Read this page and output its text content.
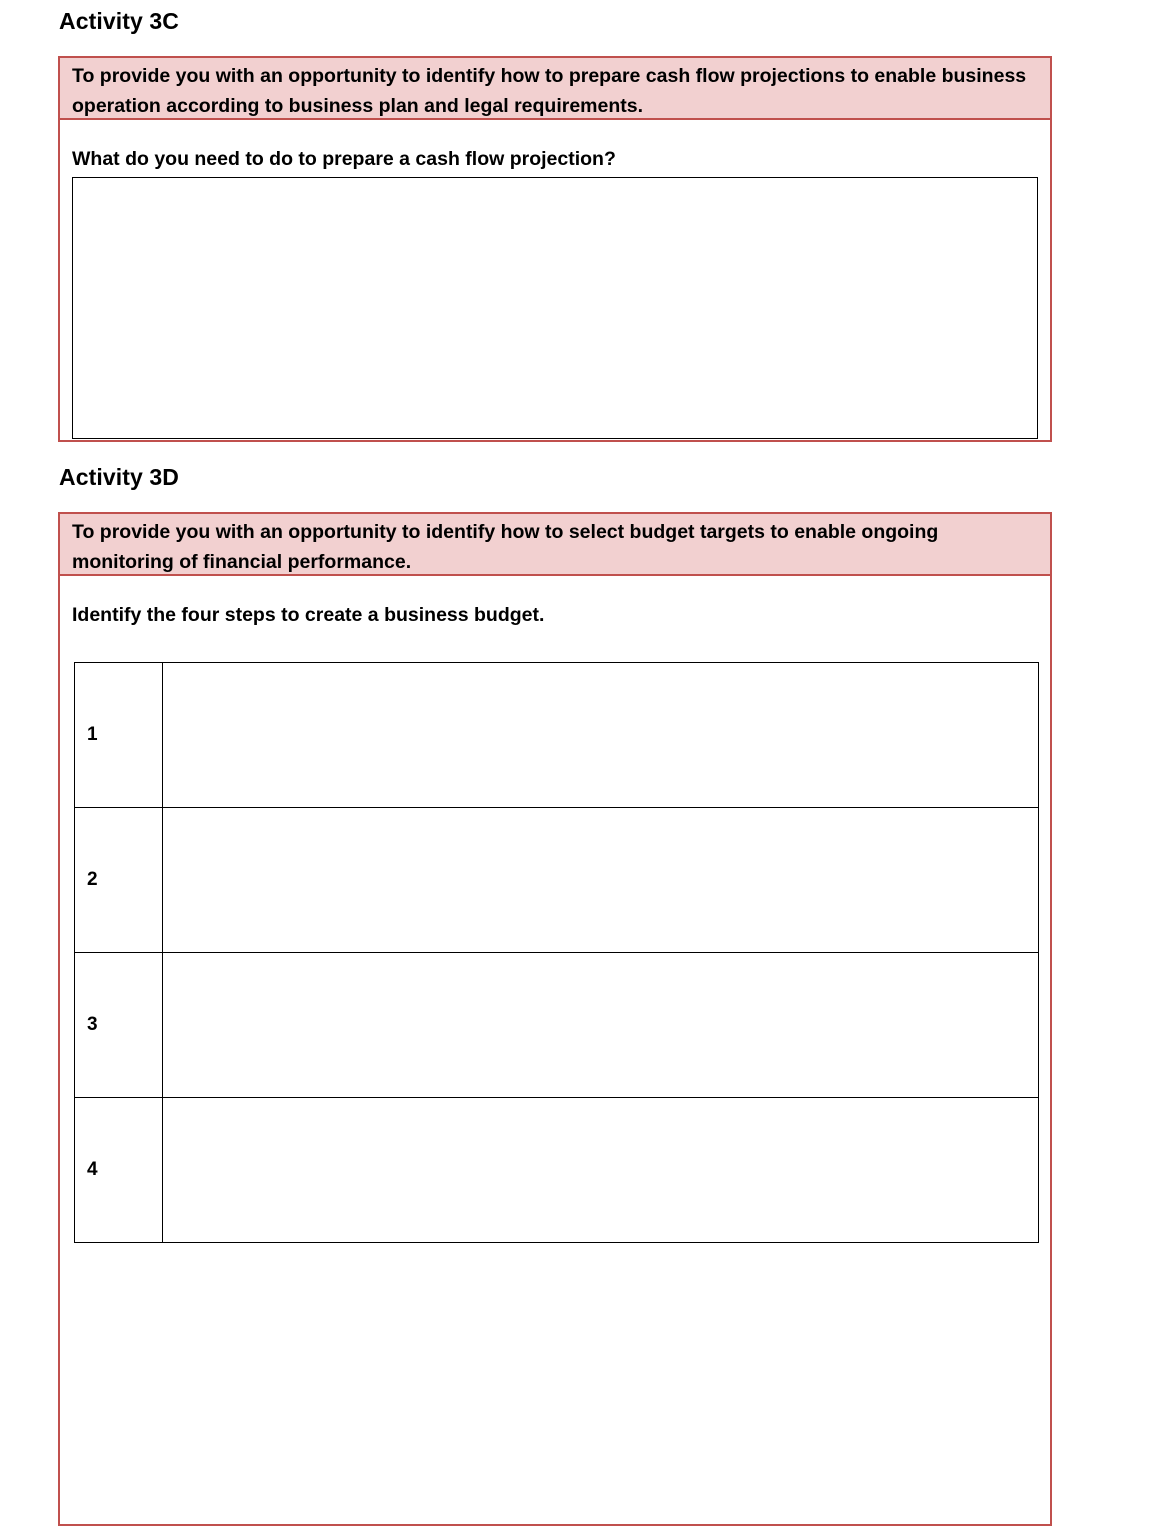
Activity 3C
To provide you with an opportunity to identify how to prepare cash flow projections to enable business operation according to business plan and legal requirements.
What do you need to do to prepare a cash flow projection?
Activity 3D
To provide you with an opportunity to identify how to select budget targets to enable ongoing monitoring of financial performance.
Identify the four steps to create a business budget.
1	
2	
3	
4	
